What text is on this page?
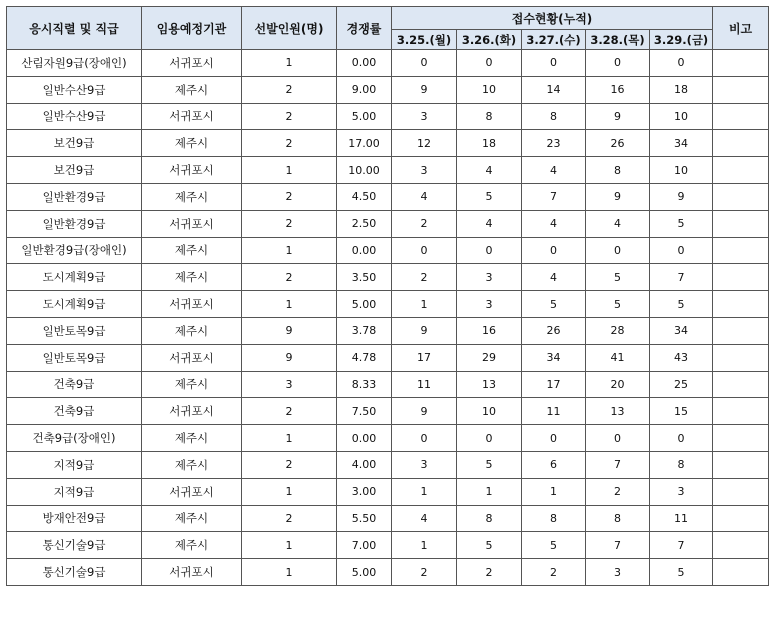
응시직렬 및 직급	임용예정기관	선발인원(명)	경쟁률	접수현황(누적)					비고
				3.25.(월)	3.26.(화)	3.27.(수)	3.28.(목)	3.29.(금)	
산림자원9급(장애인)	서귀포시	1	0.00	0	0	0	0	0	
일반수산9급	제주시	2	9.00	9	10	14	16	18	
일반수산9급	서귀포시	2	5.00	3	8	8	9	10	
보건9급	제주시	2	17.00	12	18	23	26	34	
보건9급	서귀포시	1	10.00	3	4	4	8	10	
일반환경9급	제주시	2	4.50	4	5	7	9	9	
일반환경9급	서귀포시	2	2.50	2	4	4	4	5	
일반환경9급(장애인)	제주시	1	0.00	0	0	0	0	0	
도시계획9급	제주시	2	3.50	2	3	4	5	7	
도시계획9급	서귀포시	1	5.00	1	3	5	5	5	
일반토목9급	제주시	9	3.78	9	16	26	28	34	
일반토목9급	서귀포시	9	4.78	17	29	34	41	43	
건축9급	제주시	3	8.33	11	13	17	20	25	
건축9급	서귀포시	2	7.50	9	10	11	13	15	
건축9급(장애인)	제주시	1	0.00	0	0	0	0	0	
지적9급	제주시	2	4.00	3	5	6	7	8	
지적9급	서귀포시	1	3.00	1	1	1	2	3	
방재안전9급	제주시	2	5.50	4	8	8	8	11	
통신기술9급	제주시	1	7.00	1	5	5	7	7	
통신기술9급	서귀포시	1	5.00	2	2	2	3	5	
